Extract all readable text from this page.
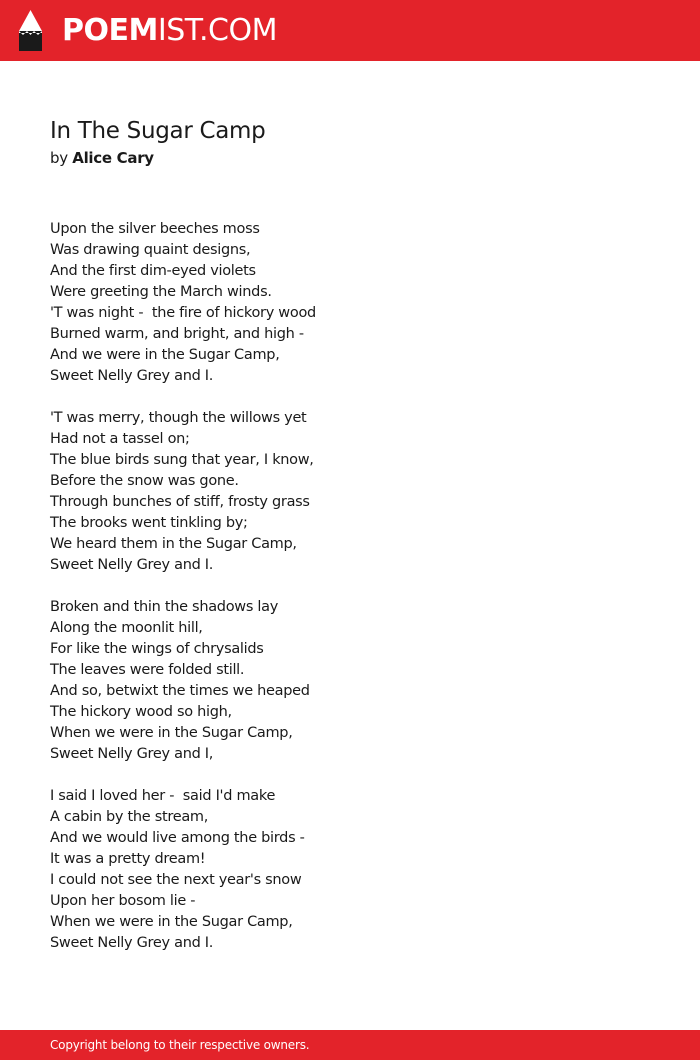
POEMIST.COM
In The Sugar Camp
by Alice Cary
Upon the silver beeches moss
Was drawing quaint designs,
And the first dim-eyed violets
Were greeting the March winds.
'T was night -  the fire of hickory wood
Burned warm, and bright, and high -
And we were in the Sugar Camp,
Sweet Nelly Grey and I.
'T was merry, though the willows yet
Had not a tassel on;
The blue birds sung that year, I know,
Before the snow was gone.
Through bunches of stiff, frosty grass
The brooks went tinkling by;
We heard them in the Sugar Camp,
Sweet Nelly Grey and I.
Broken and thin the shadows lay
Along the moonlit hill,
For like the wings of chrysalids
The leaves were folded still.
And so, betwixt the times we heaped
The hickory wood so high,
When we were in the Sugar Camp,
Sweet Nelly Grey and I,
I said I loved her -  said I'd make
A cabin by the stream,
And we would live among the birds -
It was a pretty dream!
I could not see the next year's snow
Upon her bosom lie -
When we were in the Sugar Camp,
Sweet Nelly Grey and I.
Copyright belong to their respective owners.
